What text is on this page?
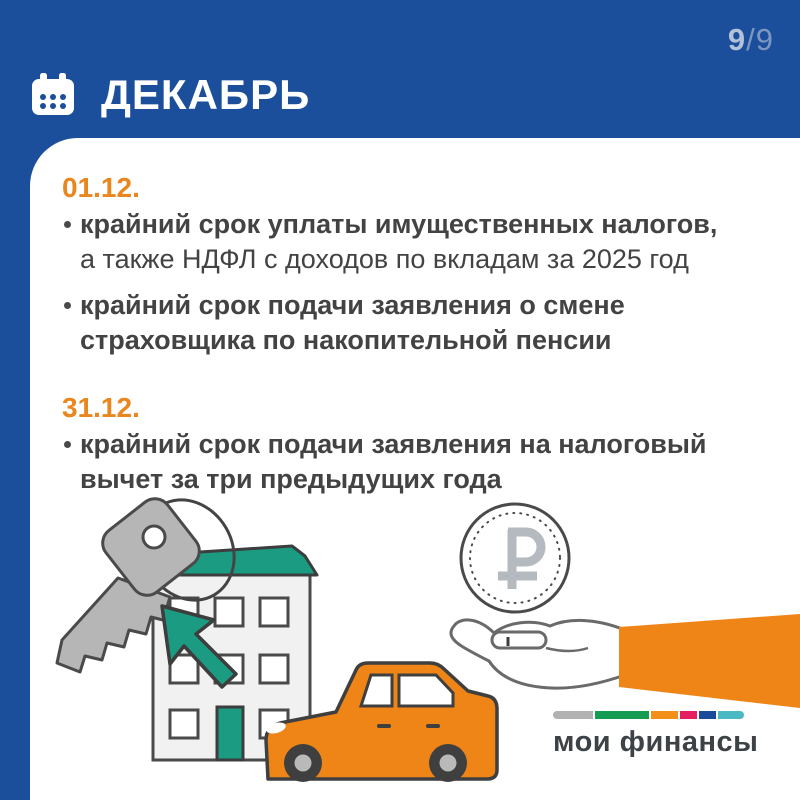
9/9
ДЕКАБРЬ
01.12.
крайний срок уплаты имущественных налогов,
а также НДФЛ с доходов по вкладам за 2025 год
крайний срок подачи заявления о смене
страховщика по накопительной пенсии
31.12.
крайний срок подачи заявления на налоговый
вычет за три предыдущих года
мои финансы
